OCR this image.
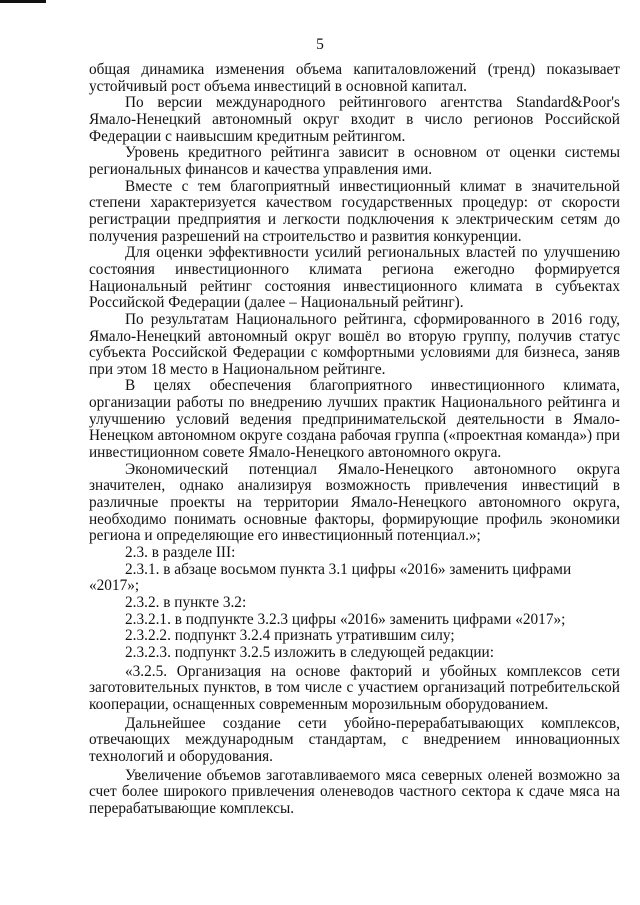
5

общая динамика изменения объема капиталовложений (тренд) показывает устойчивый рост объема инвестиций в основной капитал.

По версии международного рейтингового агентства Standard&Poor's Ямало-Ненецкий автономный округ входит в число регионов Российской Федерации с наивысшим кредитным рейтингом.

Уровень кредитного рейтинга зависит в основном от оценки системы региональных финансов и качества управления ими.

Вместе с тем благоприятный инвестиционный климат в значительной степени характеризуется качеством государственных процедур: от скорости регистрации предприятия и легкости подключения к электрическим сетям до получения разрешений на строительство и развития конкуренции.

Для оценки эффективности усилий региональных властей по улучшению состояния инвестиционного климата региона ежегодно формируется Национальный рейтинг состояния инвестиционного климата в субъектах Российской Федерации (далее – Национальный рейтинг).

По результатам Национального рейтинга, сформированного в 2016 году, Ямало-Ненецкий автономный округ вошёл во вторую группу, получив статус субъекта Российской Федерации с комфортными условиями для бизнеса, заняв при этом 18 место в Национальном рейтинге.

В целях обеспечения благоприятного инвестиционного климата, организации работы по внедрению лучших практик Национального рейтинга и улучшению условий ведения предпринимательской деятельности в Ямало-Ненецком автономном округе создана рабочая группа («проектная команда») при инвестиционном совете Ямало-Ненецкого автономного округа.

Экономический потенциал Ямало-Ненецкого автономного округа значителен, однако анализируя возможность привлечения инвестиций в различные проекты на территории Ямало-Ненецкого автономного округа, необходимо понимать основные факторы, формирующие профиль экономики региона и определяющие его инвестиционный потенциал.»;

2.3. в разделе III:

2.3.1. в абзаце восьмом пункта 3.1 цифры «2016» заменить цифрами «2017»;

2.3.2. в пункте 3.2:

2.3.2.1. в подпункте 3.2.3 цифры «2016» заменить цифрами «2017»;

2.3.2.2. подпункт 3.2.4 признать утратившим силу;

2.3.2.3. подпункт 3.2.5 изложить в следующей редакции:

«3.2.5. Организация на основе факторий и убойных комплексов сети заготовительных пунктов, в том числе с участием организаций потребительской кооперации, оснащенных современным морозильным оборудованием.

Дальнейшее создание сети убойно-перерабатывающих комплексов, отвечающих международным стандартам, с внедрением инновационных технологий и оборудования.

Увеличение объемов заготавливаемого мяса северных оленей возможно за счет более широкого привлечения оленеводов частного сектора к сдаче мяса на перерабатывающие комплексы.
